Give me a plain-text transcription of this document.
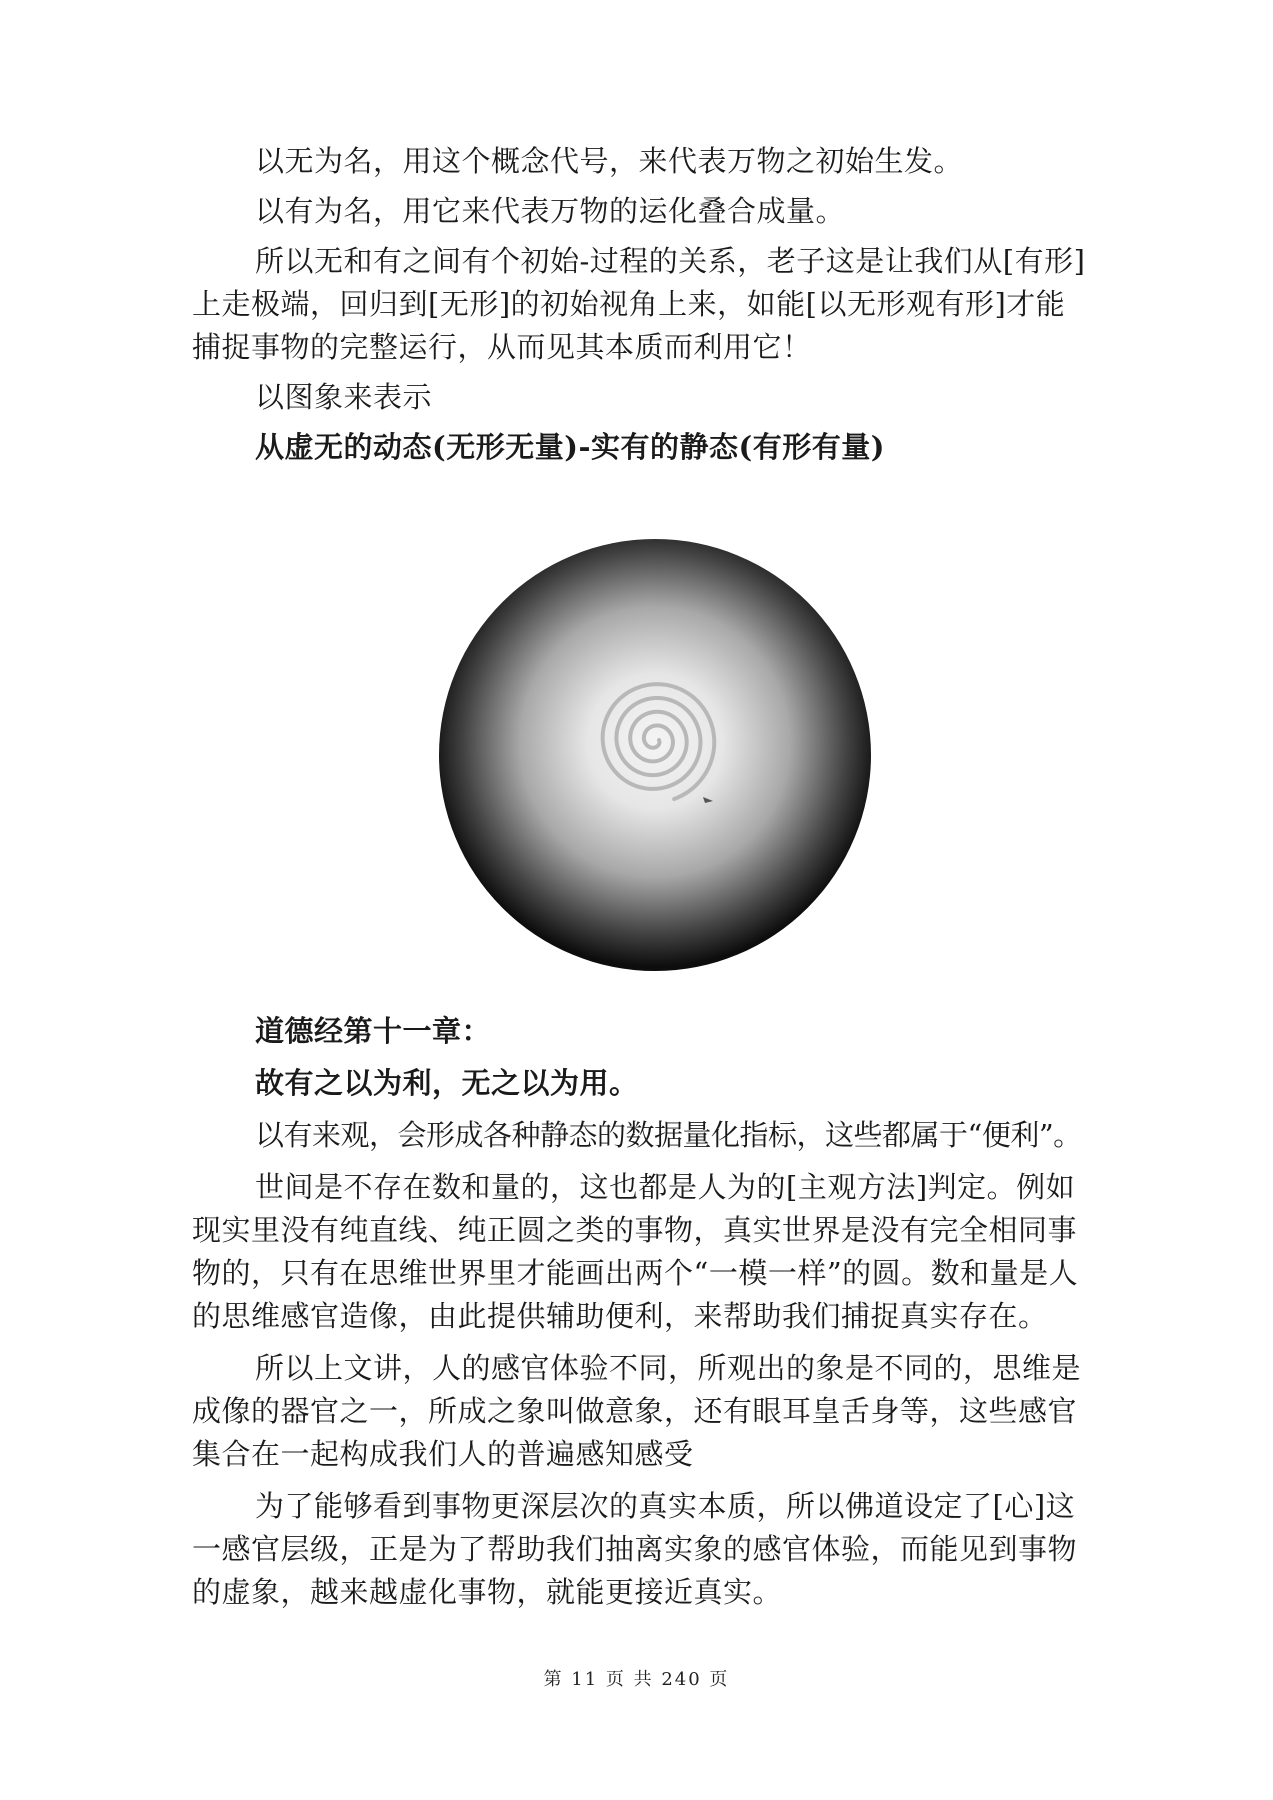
以无为名，用这个概念代号，来代表万物之初始生发。

以有为名，用它来代表万物的运化叠合成量。

所以无和有之间有个初始-过程的关系，老子这是让我们从[有形]上走极端，回归到[无形]的初始视角上来，如能[以无形观有形]才能捕捉事物的完整运行，从而见其本质而利用它！

以图象来表示

从虚无的动态(无形无量)-实有的静态(有形有量)

道德经第十一章：

故有之以为利，无之以为用。

以有来观，会形成各种静态的数据量化指标，这些都属于“便利”。

世间是不存在数和量的，这也都是人为的[主观方法]判定。例如现实里没有纯直线、纯正圆之类的事物，真实世界是没有完全相同事物的，只有在思维世界里才能画出两个“一模一样”的圆。数和量是人的思维感官造像，由此提供辅助便利，来帮助我们捕捉真实存在。

所以上文讲，人的感官体验不同，所观出的象是不同的，思维是成像的器官之一，所成之象叫做意象，还有眼耳皇舌身等，这些感官集合在一起构成我们人的普遍感知感受

为了能够看到事物更深层次的真实本质，所以佛道设定了[心]这一感官层级，正是为了帮助我们抽离实象的感官体验，而能见到事物的虚象，越来越虚化事物，就能更接近真实。

第 11 页 共 240 页
